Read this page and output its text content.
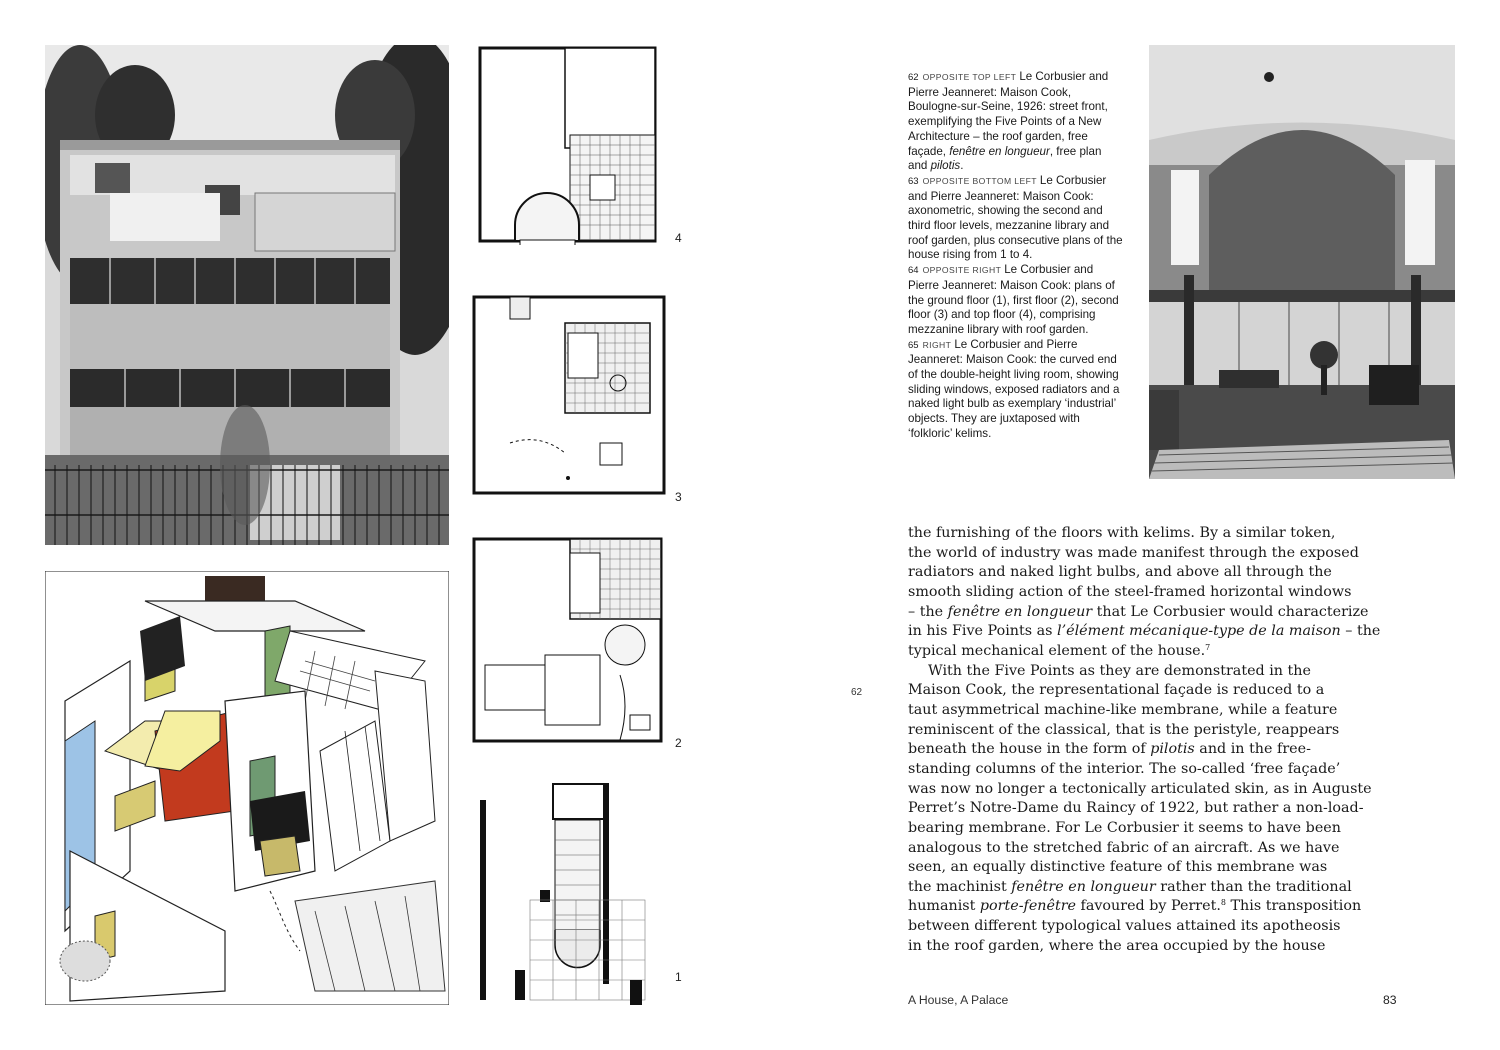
4
3
2
1

62 OPPOSITE TOP LEFT Le Corbusier and Pierre Jeanneret: Maison Cook, Boulogne-sur-Seine, 1926: street front, exemplifying the Five Points of a New Architecture – the roof garden, free façade, fenêtre en longueur, free plan and pilotis.

63 OPPOSITE BOTTOM LEFT Le Corbusier and Pierre Jeanneret: Maison Cook: axonometric, showing the second and third floor levels, mezzanine library and roof garden, plus consecutive plans of the house rising from 1 to 4.

64 OPPOSITE RIGHT Le Corbusier and Pierre Jeanneret: Maison Cook: plans of the ground floor (1), first floor (2), second floor (3) and top floor (4), comprising mezzanine library with roof garden.

65 RIGHT Le Corbusier and Pierre Jeanneret: Maison Cook: the curved end of the double-height living room, showing sliding windows, exposed radiators and a naked light bulb as exemplary ‘industrial’ objects. They are juxtaposed with ‘folkloric’ kelims.

the furnishing of the floors with kelims. By a similar token,
the world of industry was made manifest through the exposed
radiators and naked light bulbs, and above all through the
smooth sliding action of the steel-framed horizontal windows
– the fenêtre en longueur that Le Corbusier would characterize
in his Five Points as l’élément mécanique-type de la maison – the
typical mechanical element of the house.$^7$
With the Five Points as they are demonstrated in the
Maison Cook, the representational façade is reduced to a
taut asymmetrical machine-like membrane, while a feature
reminiscent of the classical, that is the peristyle, reappears
beneath the house in the form of pilotis and in the free-
standing columns of the interior. The so-called ‘free façade’
was now no longer a tectonically articulated skin, as in Auguste
Perret’s Notre-Dame du Raincy of 1922, but rather a non-load-
bearing membrane. For Le Corbusier it seems to have been
analogous to the stretched fabric of an aircraft. As we have
seen, an equally distinctive feature of this membrane was
the machinist fenêtre en longueur rather than the traditional
humanist porte-fenêtre favoured by Perret.$^8$ This transposition
between different typological values attained its apotheosis
in the roof garden, where the area occupied by the house
62
A House, A Palace	83
